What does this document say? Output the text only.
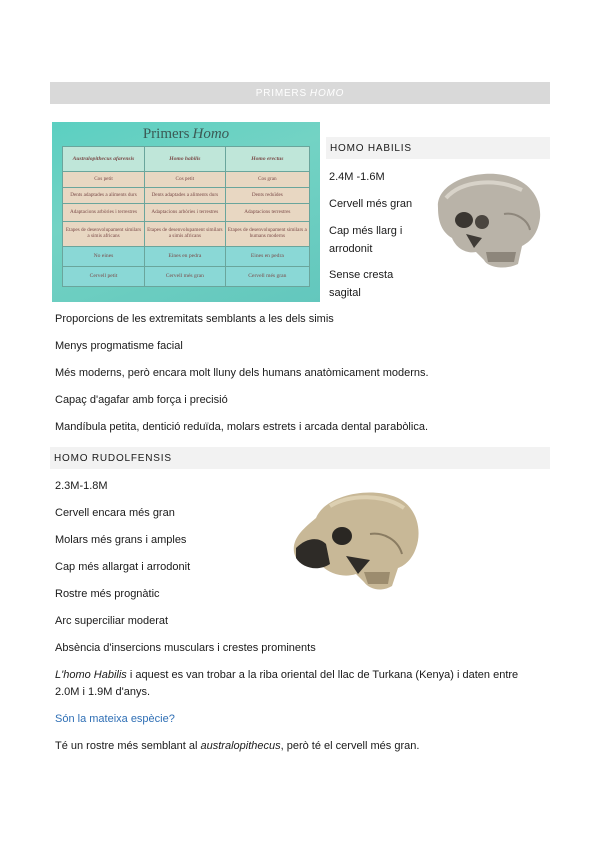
PRIMERS HOMO
Primers Homo
Australopithecus afarensis	Homo habilis	Homo erectus
Cos petit	Cos petit	Cos gran
Dents adaptades a aliments durs	Dents adaptades a aliments durs	Dents reduïdes
Adaptacions arbòries i terrestres	Adaptacions arbòries i terrestres	Adaptacions terrestres
Etapes de desenvolupament similars a simis africans	Etapes de desenvolupament similars a simis africans	Etapes de desenvolupament similars a humans moderns
No eines	Eines en pedra	Eines en pedra
Cervell petit	Cervell més gran	Cervell més gran
HOMO HABILIS
2.4M -1.6M
Cervell més gran
Cap més llarg i
arrodonit
Sense cresta
sagital
Proporcions de les extremitats semblants a les dels simis
Menys progmatisme facial
Més moderns, però encara molt lluny dels humans anatòmicament moderns.
Capaç d'agafar amb força i precisió
Mandíbula petita, dentició reduïda, molars estrets i arcada dental parabòlica.
HOMO RUDOLFENSIS
2.3M-1.8M
Cervell encara més gran
Molars més grans i amples
Cap més allargat i arrodonit
Rostre més prognàtic
Arc superciliar moderat
Absència d'insercions musculars i crestes prominents
L'homo Habilis i aquest es van trobar a la riba oriental del llac de Turkana (Kenya) i daten entre
2.0M i 1.9M d'anys.
Són la mateixa espècie?
Té un rostre més semblant al australopithecus, però té el cervell més gran.
